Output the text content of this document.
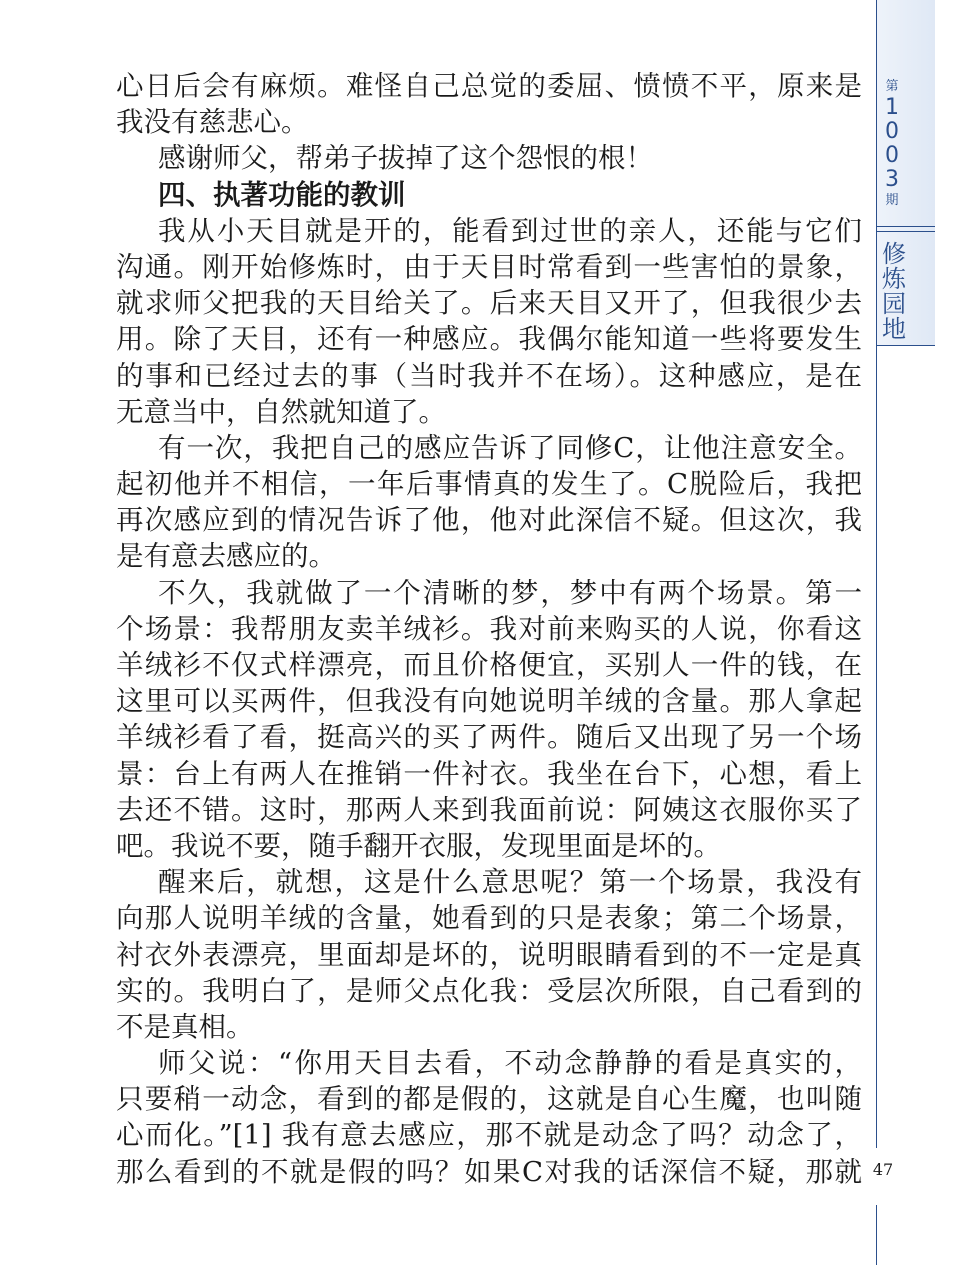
第
1
0
0
3
期
修
炼
园
地
47
心日后会有麻烦。难怪自己总觉的委屈、愤愤不平，原来是
我没有慈悲心。
感谢师父，帮弟子拔掉了这个怨恨的根！
四、执著功能的教训
我从小天目就是开的，能看到过世的亲人，还能与它们
沟通。刚开始修炼时，由于天目时常看到一些害怕的景象，
就求师父把我的天目给关了。后来天目又开了，但我很少去
用。除了天目，还有一种感应。我偶尔能知道一些将要发生
的事和已经过去的事（当时我并不在场）。这种感应，是在
无意当中，自然就知道了。
有一次，我把自己的感应告诉了同修C，让他注意安全。
起初他并不相信，一年后事情真的发生了。C脱险后，我把
再次感应到的情况告诉了他，他对此深信不疑。但这次，我
是有意去感应的。
不久，我就做了一个清晰的梦，梦中有两个场景。第一
个场景：我帮朋友卖羊绒衫。我对前来购买的人说，你看这
羊绒衫不仅式样漂亮，而且价格便宜，买别人一件的钱，在
这里可以买两件，但我没有向她说明羊绒的含量。那人拿起
羊绒衫看了看，挺高兴的买了两件。随后又出现了另一个场
景：台上有两人在推销一件衬衣。我坐在台下，心想，看上
去还不错。这时，那两人来到我面前说：阿姨这衣服你买了
吧。我说不要，随手翻开衣服，发现里面是坏的。
醒来后，就想，这是什么意思呢？第一个场景，我没有
向那人说明羊绒的含量，她看到的只是表象；第二个场景，
衬衣外表漂亮，里面却是坏的，说明眼睛看到的不一定是真
实的。我明白了，是师父点化我：受层次所限，自己看到的
不是真相。
师父说：“你用天目去看，不动念静静的看是真实的，
只要稍一动念，看到的都是假的，这就是自心生魔，也叫随
心而化。”[1] 我有意去感应，那不就是动念了吗？动念了，
那么看到的不就是假的吗？如果C对我的话深信不疑，那就
